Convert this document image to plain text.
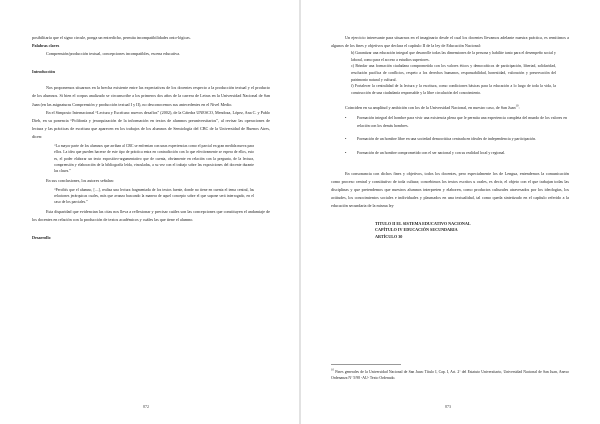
posibilitaría que el signo circule, ponga un entredicho, permita incompatibilidades onto-lógicas.

Palabras claves

Comprensión/producción textual, concepciones incompatibles, escena educativa.

Introducción

Nos proponemos situarnos en la brecha existente entre las expectativas de los docentes respecto a la producción textual y el producto de los alumnos. Si bien el corpus analizado se circunscribe a los primeros dos años de la carrera de Letras en la Universidad Nacional de San Juan (en las asignaturas Comprensión y producción textual I y II), no desconocemos sus antecedentes en el Nivel Medio.

En el Simposio Internacional “Lectura y Escritura: nuevos desafíos” (2002), de la Cátedra UNESCO, Mendoza, López, Ana C. y Pablo Dieb, en su ponencia “Polifonía y jerarquización de la información en textos de alumnos preuniversitarios”, al revisar las operaciones de lectura y las prácticas de escritura que aparecen en los trabajos de los alumnos de Semiología del CBC de la Universidad de Buenos Aires, dicen:

“La mayor parte de los alumnos que arriban al CBC se enfrentan con unas experiencias como el parcial en gran medida nueva para ellos. La idea que pueden hacerse de este tipo de práctica entra en contradicción con lo que efectivamente se espera de ellos, esto es, el poder elaborar un texto expositivo-argumentativo que de cuenta, obviamente en relación con la pregunta, de la lectura, comprensión y elaboración de la bibliografía leída, vinculadas, a su vez con el trabajo sobre las exposiciones del docente durante las clases.”

En sus conclusiones, los autores señalan:

“Percibís que el alumno, [....], realiza una lectura fragmentada de los textos fuente, donde no tiene en cuenta el tema central, las relaciones jerárquicas cuales, más que avanza buscando la manera de aquel concepto sobre el que supone será interrogado, en el caso de los parciales.”

Esta disparidad que evidencian las citas nos lleva a reflexionar y precisar cuáles son las concepciones que constituyen el andamiaje de los docentes en relación con la producción de textos académicos y cuáles las que tiene el alumno.

Desarrollo

872

Un ejercicio interesante para situarnos en el imaginario desde el cual los docentes llevamos adelante nuestra práctica, es remitirnos a algunos de los fines y objetivos que declara el capítulo II de la ley de Educación Nacional:

b) Garantizar una educación integral que desarrolle todas las dimensiones de la persona y habilite tanto para el desempeño social y laboral, como para el acceso a estudios superiores.
c) Brindar una formación ciudadana comprometida con los valores éticos y democráticos de participación, libertad, solidaridad, resolución pacífica de conflictos, respeto a los derechos humanos, responsabilidad, honestidad, valoración y preservación del patrimonio natural y cultural.
f) Fortalecer la centralidad de la lectura y la escritura, como condiciones básicas para la educación a lo largo de toda la vida, la construcción de una ciudadanía responsable y la libre circulación del conocimiento.

Coinciden en su amplitud y ambición con los de la Universidad Nacional, en nuestro caso, de San Juan$^{10}$:

•	Formación integral del hombre para vivir una existencia plena que le permita una experiencia completa del mundo de los valores en relación con los demás hombres.
•	Formación de un hombre libre en una sociedad democrática centrada en ideales de independencia y participación.
•	Formación de un hombre comprometido con el ser nacional y con su realidad local y regional.

En consonancia con dichos fines y objetivos, todos los docentes, pero especialmente los de Lengua, entendemos la comunicación como proceso central y constitutivo de toda cultura; concebimos los textos escritos u orales, es decir, el objeto con el que trabajan todas las disciplinas y que pretendemos que nuestros alumnos interpreten y elaboren, como productos culturales atravesados por los ideologías, los actitudes, los conocimientos sociales e individuales y plasmados en una textualidad, tal como queda sintetizado en el capítulo referido a la educación secundaria de la misma ley

TITULO II EL SISTEMA EDUCATIVO NACIONAL
CAPÍTULO IV EDUCACIÓN SECUNDARIA
ARTÍCULO 30
$^{10}$ Fines generales de la Universidad Nacional de San Juan: Título I, Cap. I, Art. 2º del Estatuto Universitario, Universidad Nacional de San Juan, Anexo Ordenanza Nº 5/98 -AU- Texto Ordenado.
873
